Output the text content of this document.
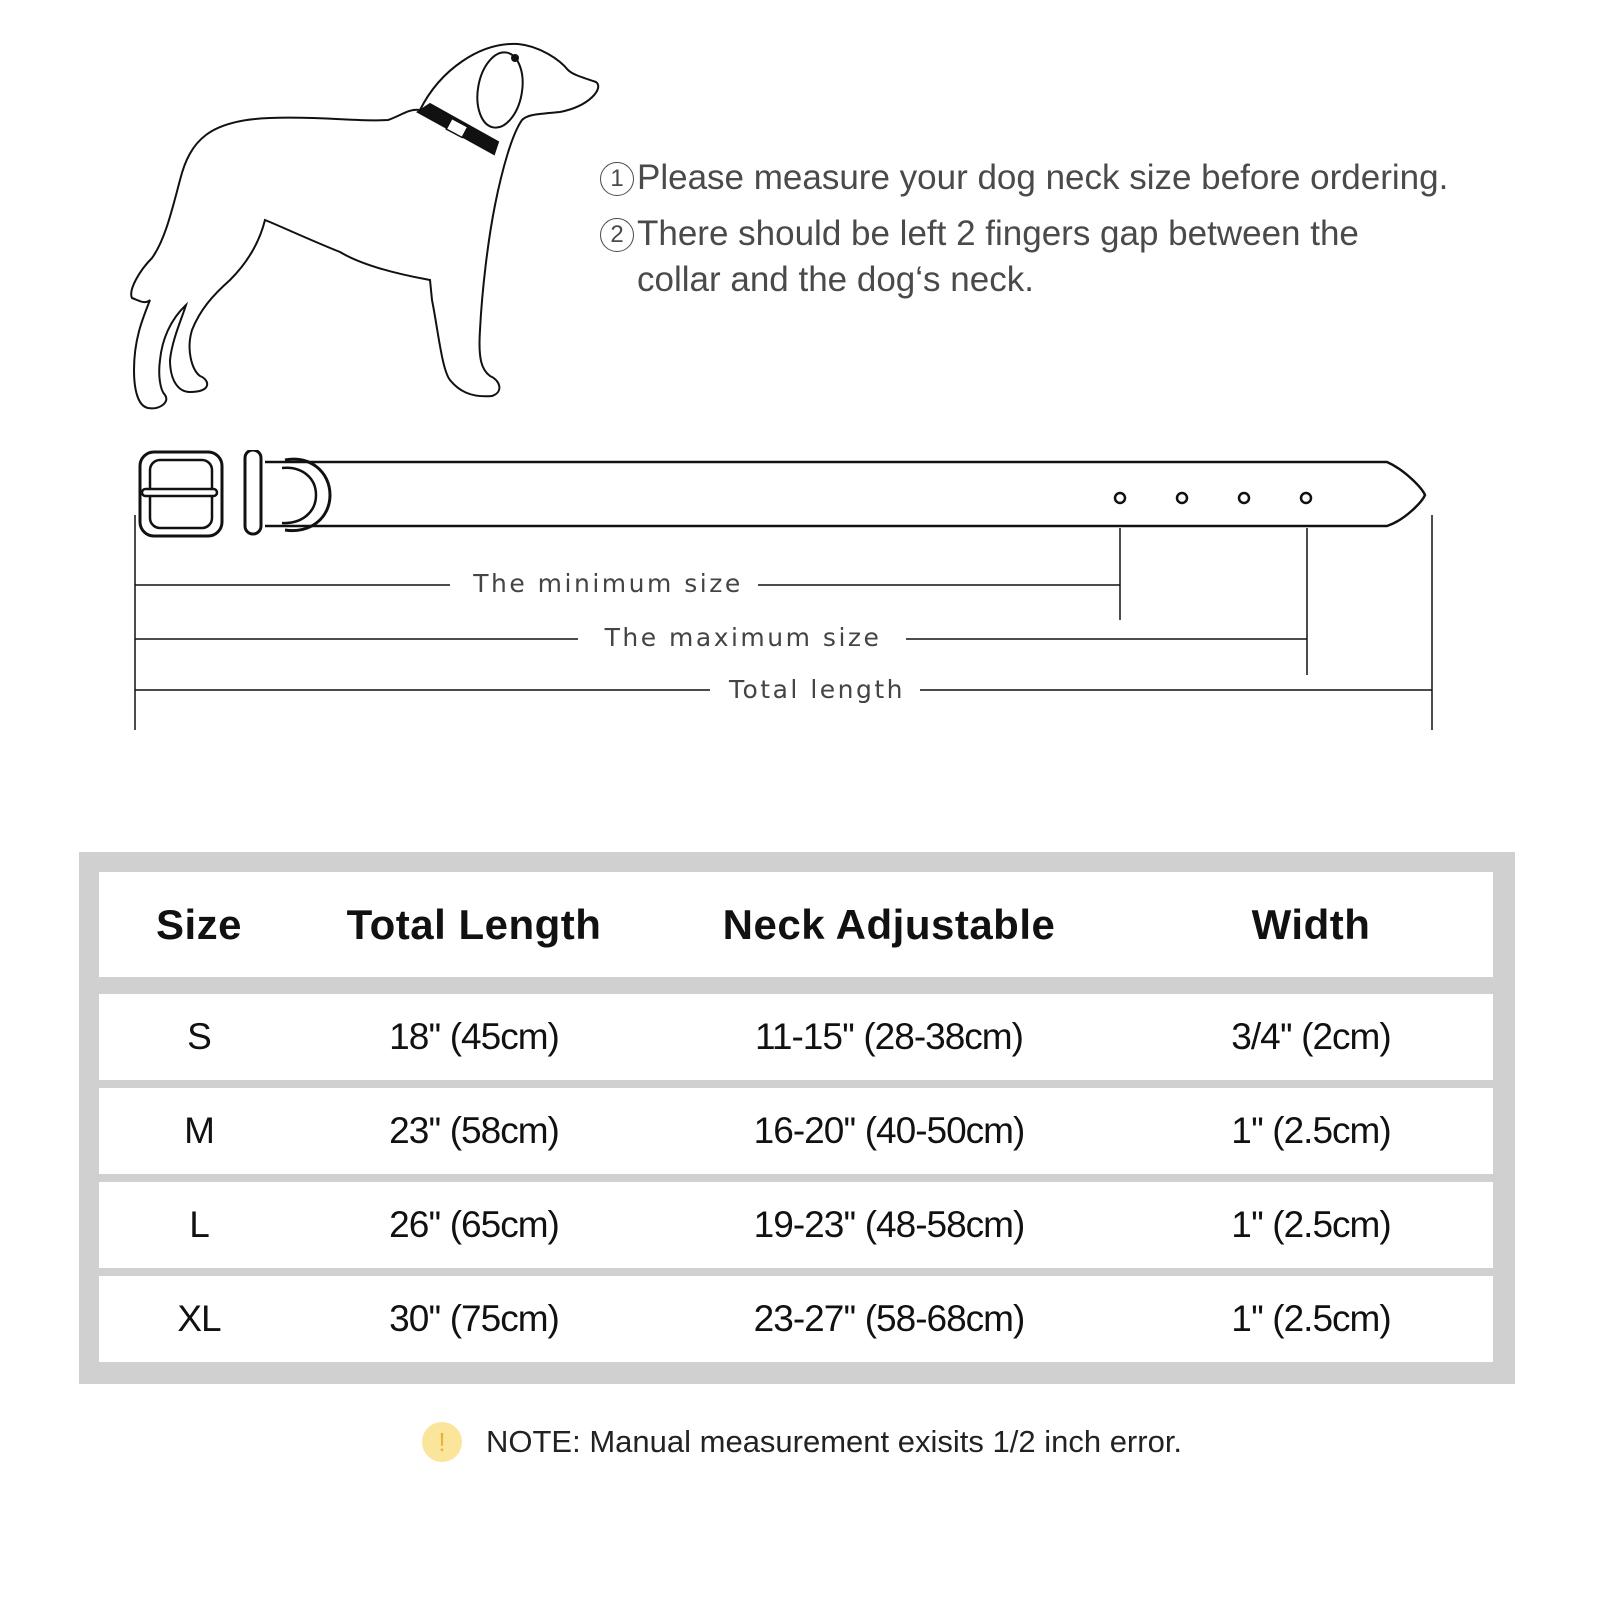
1 Please measure your dog neck size before ordering.
2 There should be left 2 fingers gap between the collar and the dog‘s neck.
The minimum size
The maximum size
Total length
Size	Total Length	Neck Adjustable	Width
S	18'' (45cm)	11-15'' (28-38cm)	3/4'' (2cm)
M	23'' (58cm)	16-20'' (40-50cm)	1'' (2.5cm)
L	26'' (65cm)	19-23'' (48-58cm)	1'' (2.5cm)
XL	30'' (75cm)	23-27'' (58-68cm)	1'' (2.5cm)
!	NOTE: Manual measurement exisits 1/2 inch error.
